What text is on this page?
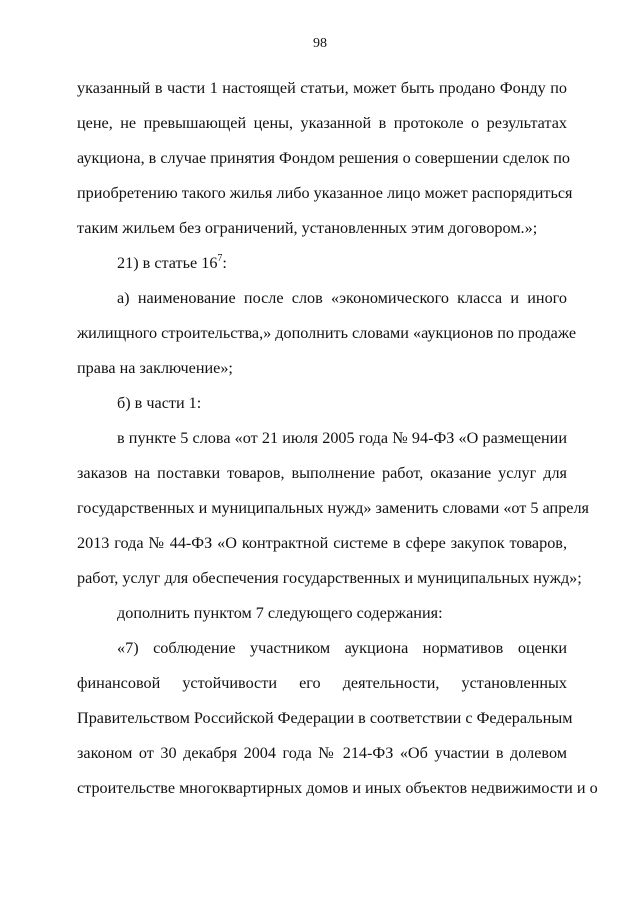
98
указанный в части 1 настоящей статьи, может быть продано Фонду по
цене, не превышающей цены, указанной в протоколе о результатах
аукциона, в случае принятия Фондом решения о совершении сделок по
приобретению такого жилья либо указанное лицо может распорядиться
таким жильем без ограничений, установленных этим договором.»;
21) в статье $16^7$:
а) наименование после слов «экономического класса и иного
жилищного строительства,» дополнить словами «аукционов по продаже
права на заключение»;
б) в части 1:
в пункте 5 слова «от 21 июля 2005 года № 94-ФЗ «О размещении
заказов на поставки товаров, выполнение работ, оказание услуг для
государственных и муниципальных нужд» заменить словами «от 5 апреля
2013 года № 44-ФЗ «О контрактной системе в сфере закупок товаров,
работ, услуг для обеспечения государственных и муниципальных нужд»;
дополнить пунктом 7 следующего содержания:
«7) соблюдение участником аукциона нормативов оценки
финансовой устойчивости его деятельности, установленных
Правительством Российской Федерации в соответствии с Федеральным
законом от 30 декабря 2004 года № 214-ФЗ «Об участии в долевом
строительстве многоквартирных домов и иных объектов недвижимости и о
